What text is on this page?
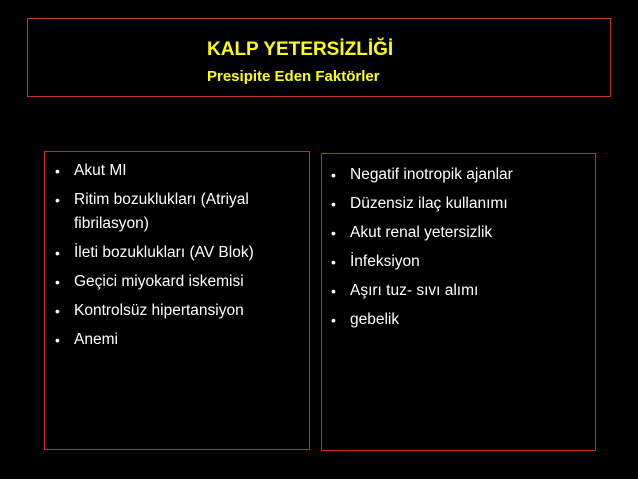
KALP YETERSİZLİĞİ
Presipite Eden Faktörler
• Akut MI
• Ritim bozuklukları (Atriyal fibrilasyon)
• İleti bozuklukları (AV Blok)
• Geçici miyokard iskemisi
• Kontrolsüz hipertansiyon
• Anemi
• Negatif inotropik ajanlar
• Düzensiz ilaç kullanımı
• Akut renal yetersizlik
• İnfeksiyon
• Aşırı tuz- sıvı alımı
• gebelik
